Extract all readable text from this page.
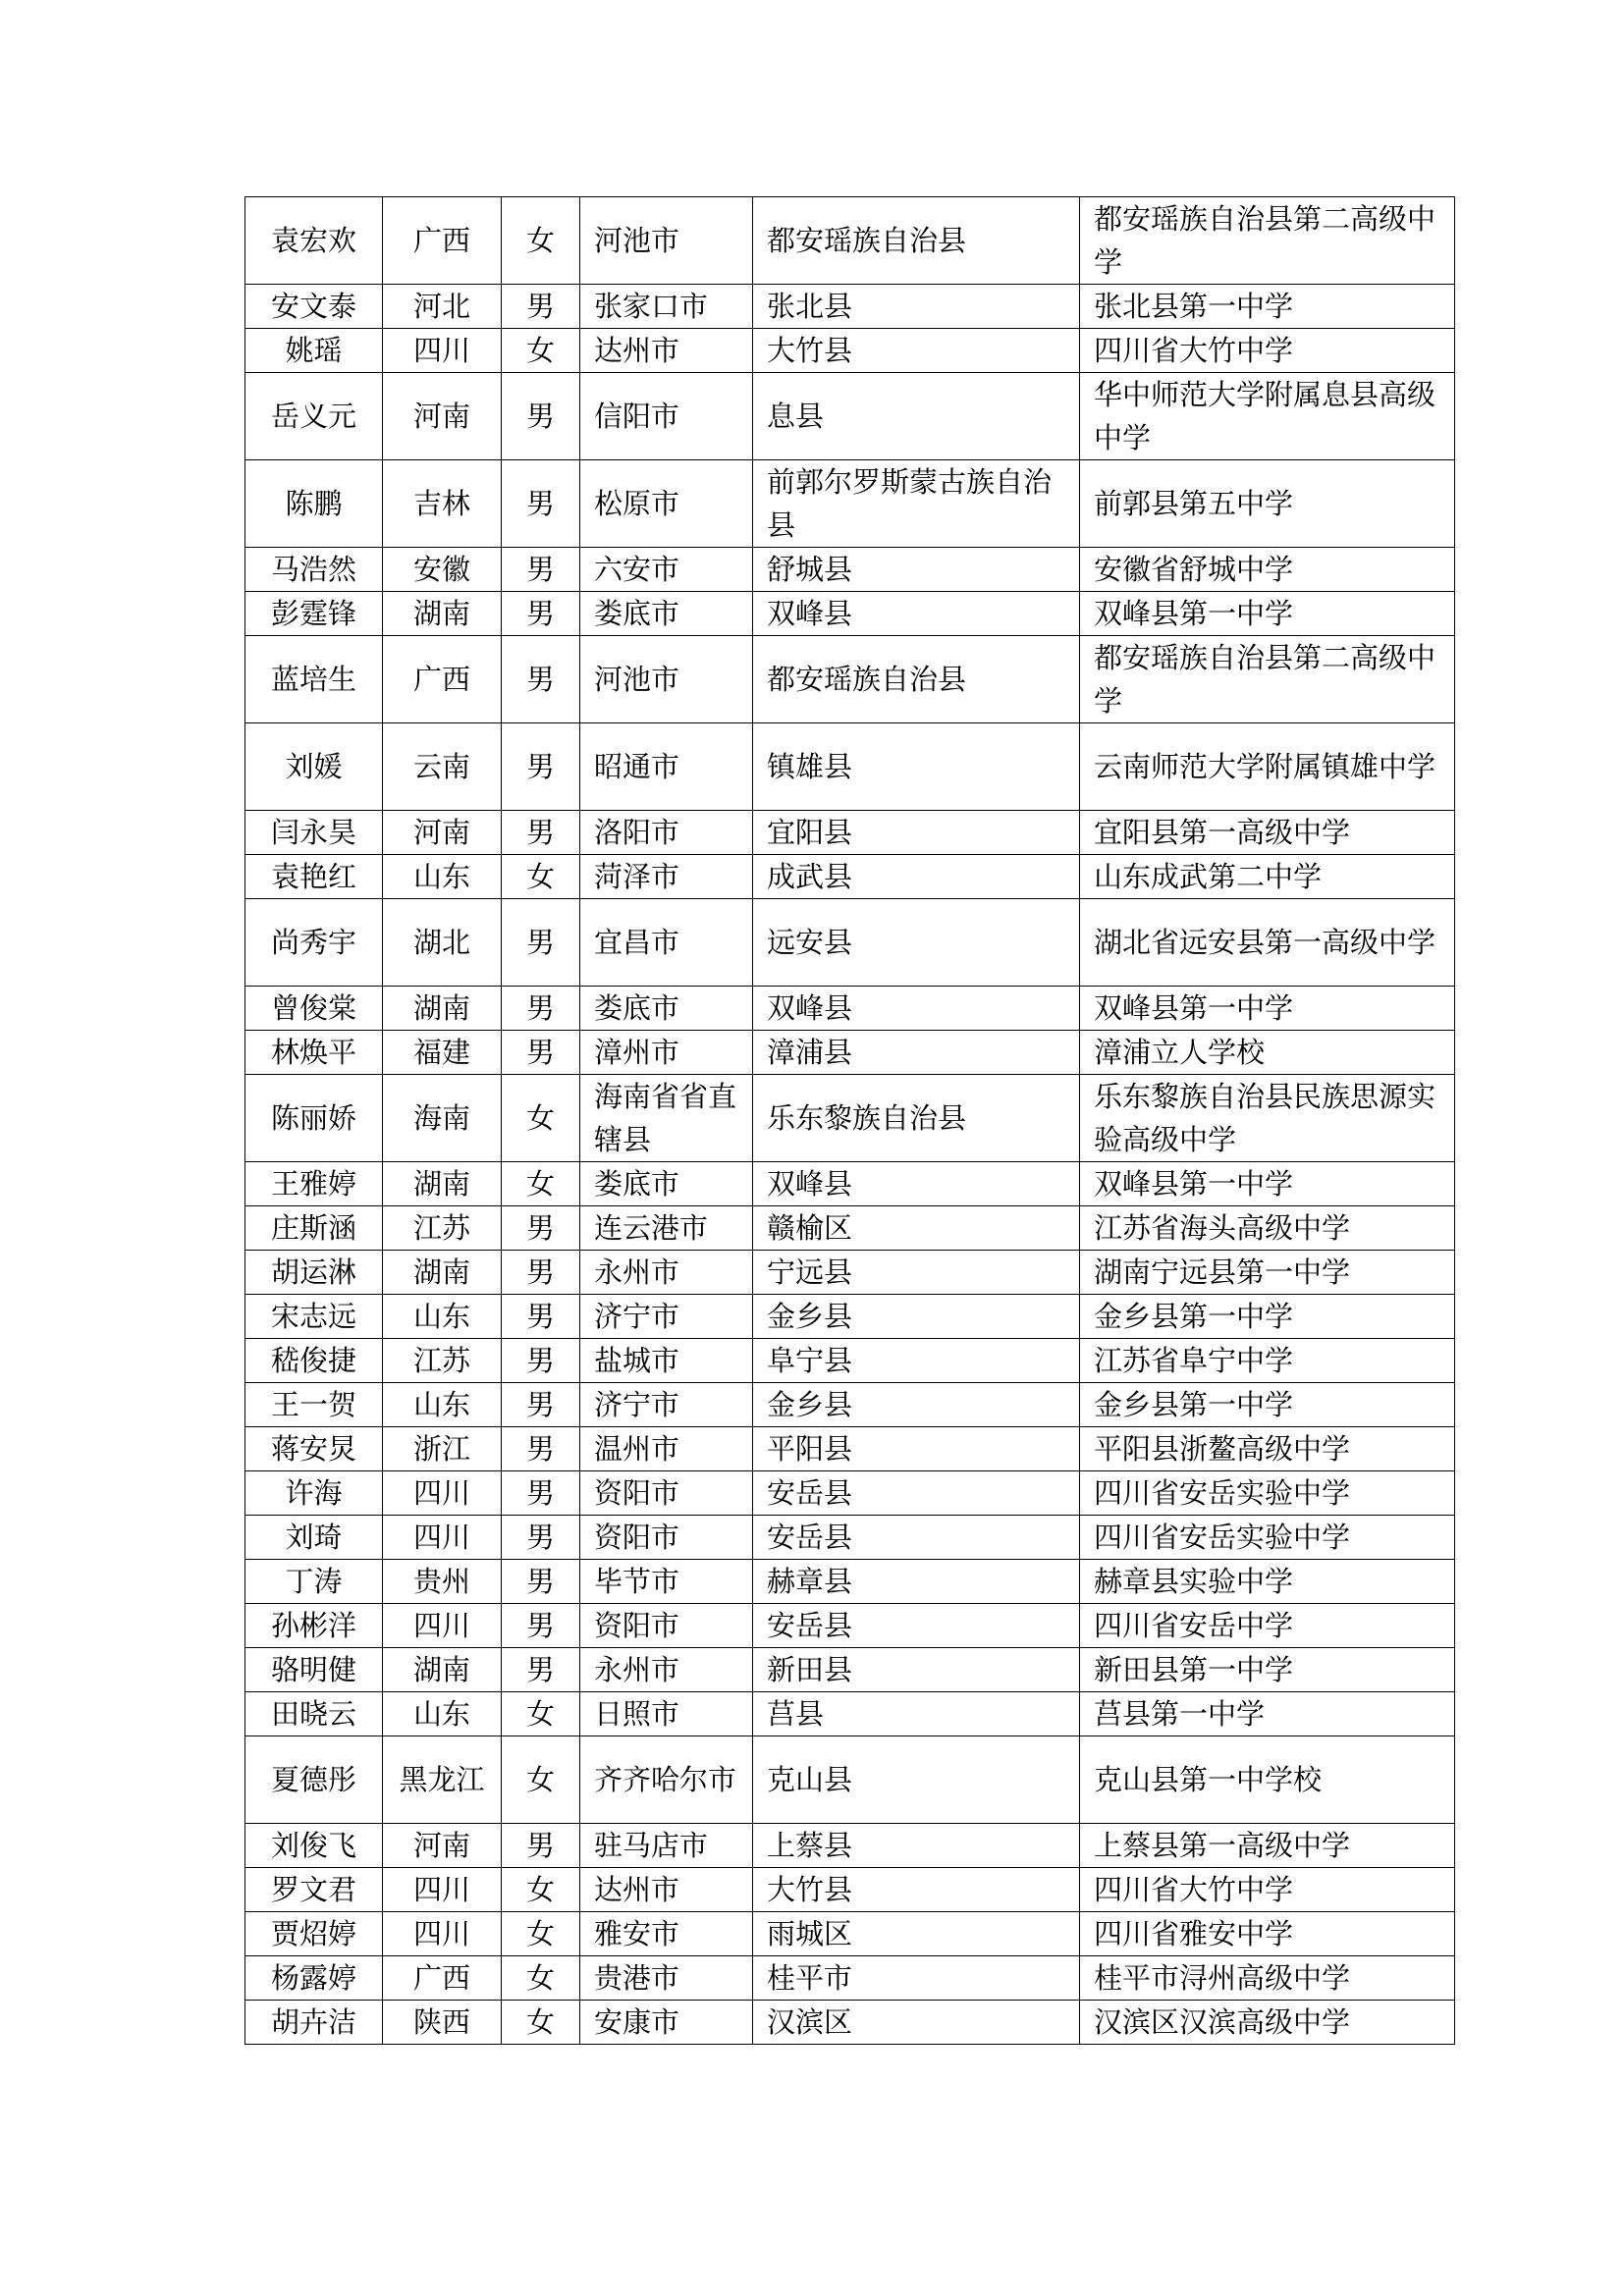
袁宏欢	广西	女	河池市	都安瑶族自治县	都安瑶族自治县第二高级中学
安文泰	河北	男	张家口市	张北县	张北县第一中学
姚瑶	四川	女	达州市	大竹县	四川省大竹中学
岳义元	河南	男	信阳市	息县	华中师范大学附属息县高级中学
陈鹏	吉林	男	松原市	前郭尔罗斯蒙古族自治县	前郭县第五中学
马浩然	安徽	男	六安市	舒城县	安徽省舒城中学
彭霆锋	湖南	男	娄底市	双峰县	双峰县第一中学
蓝培生	广西	男	河池市	都安瑶族自治县	都安瑶族自治县第二高级中学
刘媛	云南	男	昭通市	镇雄县	云南师范大学附属镇雄中学
闫永昊	河南	男	洛阳市	宜阳县	宜阳县第一高级中学
袁艳红	山东	女	菏泽市	成武县	山东成武第二中学
尚秀宇	湖北	男	宜昌市	远安县	湖北省远安县第一高级中学
曾俊棠	湖南	男	娄底市	双峰县	双峰县第一中学
林焕平	福建	男	漳州市	漳浦县	漳浦立人学校
陈丽娇	海南	女	海南省省直辖县	乐东黎族自治县	乐东黎族自治县民族思源实验高级中学
王雅婷	湖南	女	娄底市	双峰县	双峰县第一中学
庄斯涵	江苏	男	连云港市	赣榆区	江苏省海头高级中学
胡运淋	湖南	男	永州市	宁远县	湖南宁远县第一中学
宋志远	山东	男	济宁市	金乡县	金乡县第一中学
嵇俊捷	江苏	男	盐城市	阜宁县	江苏省阜宁中学
王一贺	山东	男	济宁市	金乡县	金乡县第一中学
蒋安炅	浙江	男	温州市	平阳县	平阳县浙鳌高级中学
许海	四川	男	资阳市	安岳县	四川省安岳实验中学
刘琦	四川	男	资阳市	安岳县	四川省安岳实验中学
丁涛	贵州	男	毕节市	赫章县	赫章县实验中学
孙彬洋	四川	男	资阳市	安岳县	四川省安岳中学
骆明健	湖南	男	永州市	新田县	新田县第一中学
田晓云	山东	女	日照市	莒县	莒县第一中学
夏德彤	黑龙江	女	齐齐哈尔市	克山县	克山县第一中学校
刘俊飞	河南	男	驻马店市	上蔡县	上蔡县第一高级中学
罗文君	四川	女	达州市	大竹县	四川省大竹中学
贾炤婷	四川	女	雅安市	雨城区	四川省雅安中学
杨露婷	广西	女	贵港市	桂平市	桂平市浔州高级中学
胡卉洁	陕西	女	安康市	汉滨区	汉滨区汉滨高级中学
